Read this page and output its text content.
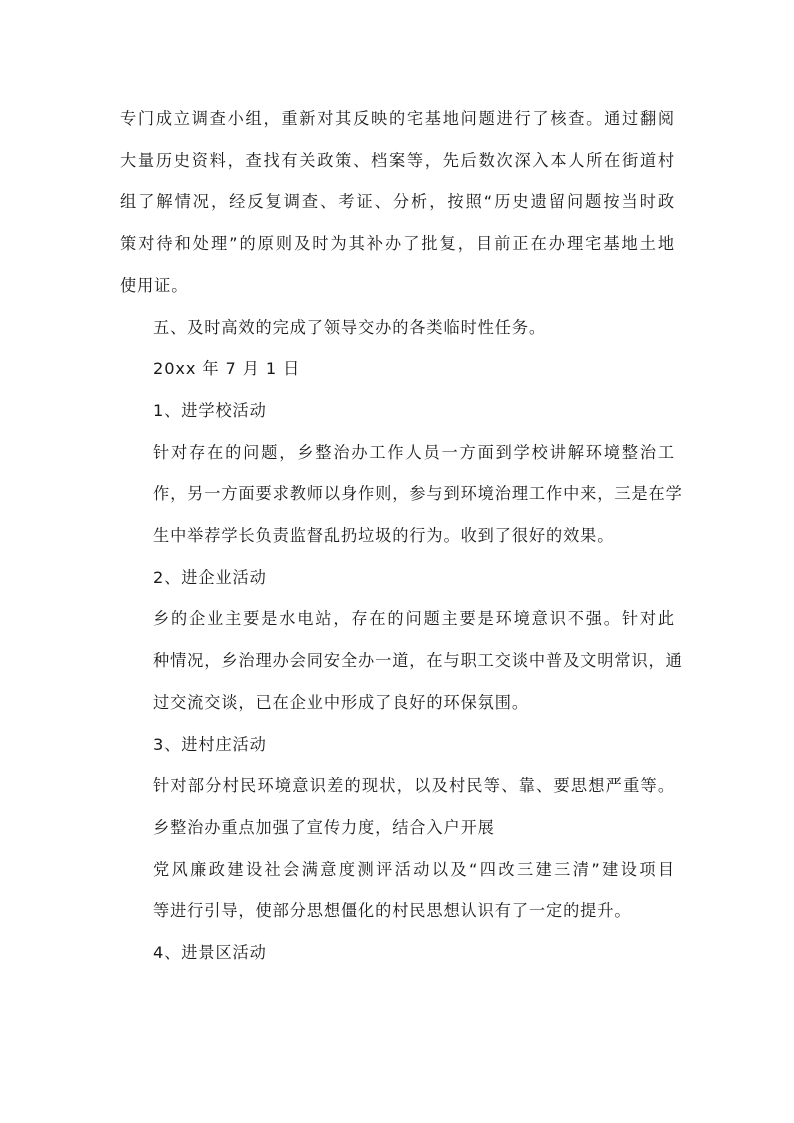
专门成立调查小组，重新对其反映的宅基地问题进行了核查。通过翻阅
大量历史资料，查找有关政策、档案等，先后数次深入本人所在街道村
组了解情况，经反复调查、考证、分析，按照“历史遗留问题按当时政
策对待和处理”的原则及时为其补办了批复，目前正在办理宅基地土地
使用证。

五、及时高效的完成了领导交办的各类临时性任务。

20xx 年 7 月 1 日

1、进学校活动

针对存在的问题，乡整治办工作人员一方面到学校讲解环境整治工
作，另一方面要求教师以身作则，参与到环境治理工作中来，三是在学
生中举荐学长负责监督乱扔垃圾的行为。收到了很好的效果。

2、进企业活动

乡的企业主要是水电站，存在的问题主要是环境意识不强。针对此
种情况，乡治理办会同安全办一道，在与职工交谈中普及文明常识，通
过交流交谈，已在企业中形成了良好的环保氛围。

3、进村庄活动

针对部分村民环境意识差的现状，以及村民等、靠、要思想严重等。
乡整治办重点加强了宣传力度，结合入户开展

党风廉政建设社会满意度测评活动以及“四改三建三清”建设项目
等进行引导，使部分思想僵化的村民思想认识有了一定的提升。

4、进景区活动
